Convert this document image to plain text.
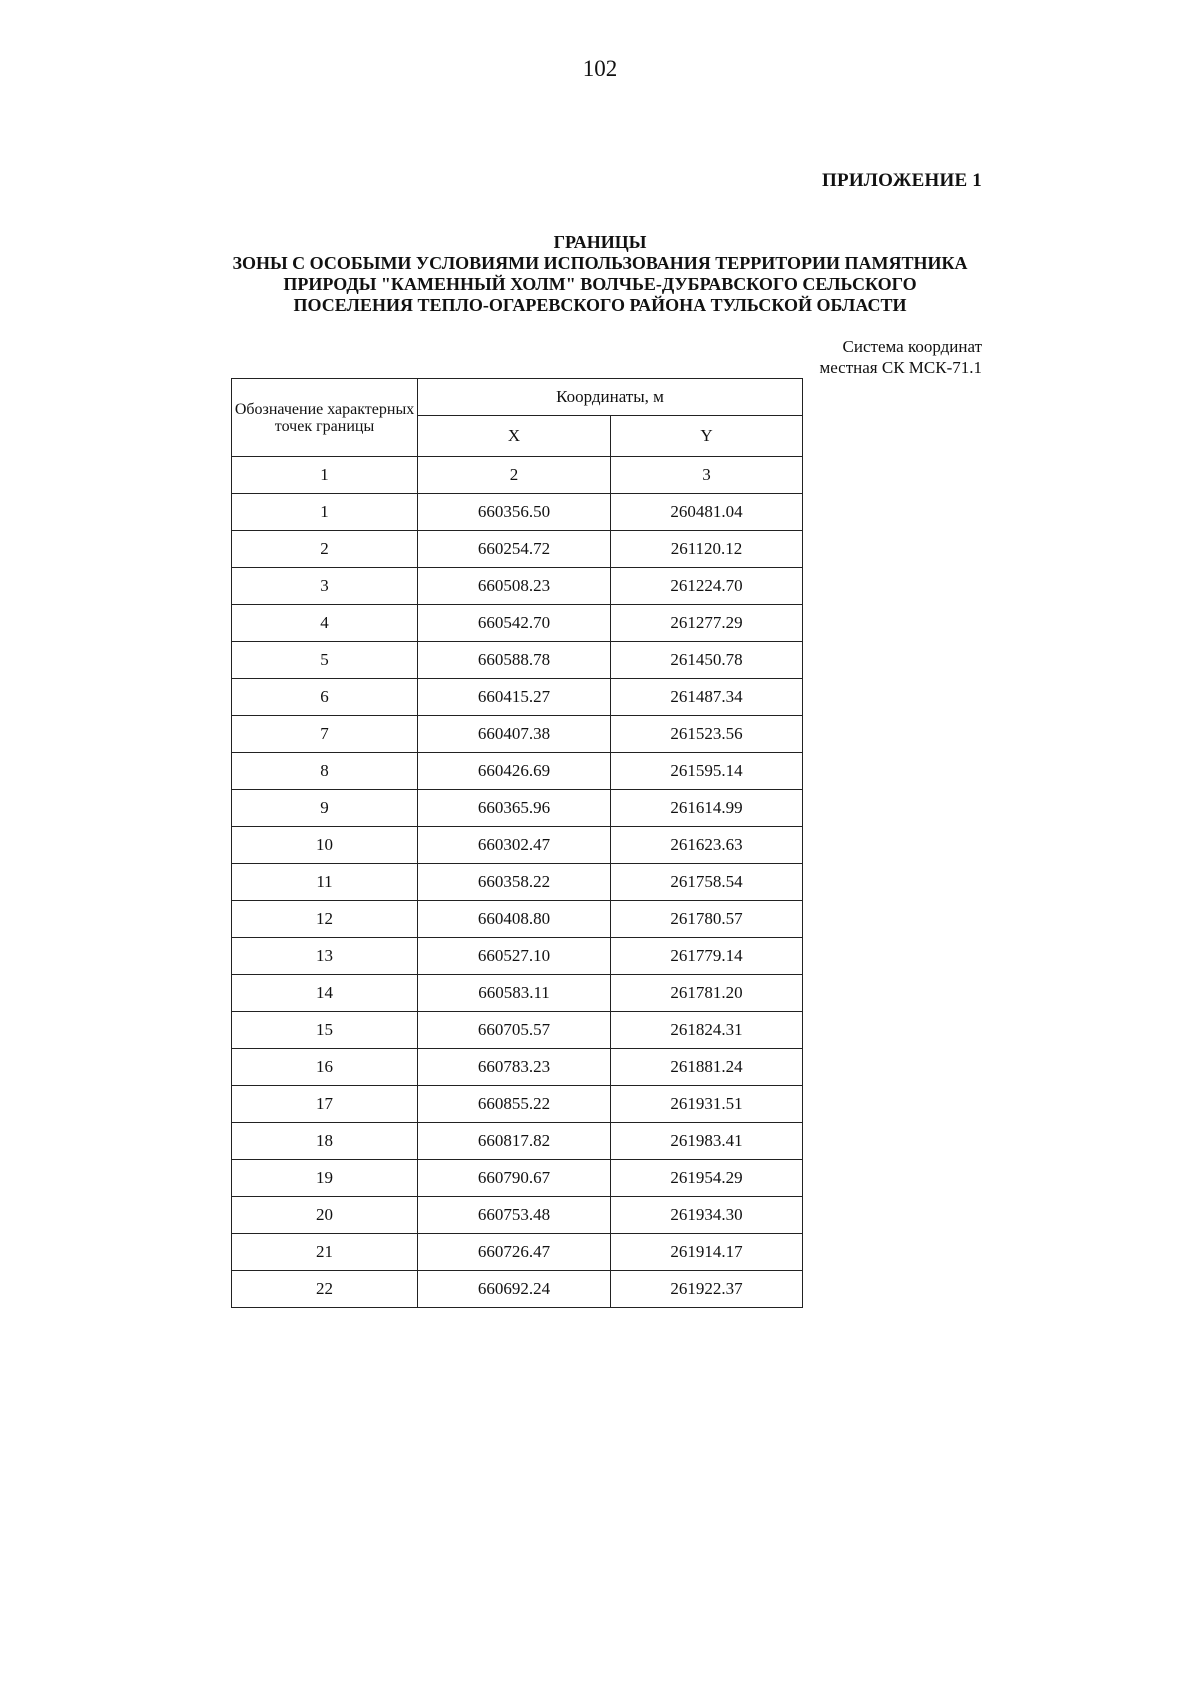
102
ПРИЛОЖЕНИЕ 1
ГРАНИЦЫ
ЗОНЫ С ОСОБЫМИ УСЛОВИЯМИ ИСПОЛЬЗОВАНИЯ ТЕРРИТОРИИ ПАМЯТНИКА
ПРИРОДЫ "КАМЕННЫЙ ХОЛМ" ВОЛЧЬЕ-ДУБРАВСКОГО СЕЛЬСКОГО
ПОСЕЛЕНИЯ ТЕПЛО-ОГАРЕВСКОГО РАЙОНА ТУЛЬСКОЙ ОБЛАСТИ
Система координат
местная СК МСК-71.1
Обозначение характерных точек границы	Координаты, м	
	X	Y
1	2	3
1	660356.50	260481.04
2	660254.72	261120.12
3	660508.23	261224.70
4	660542.70	261277.29
5	660588.78	261450.78
6	660415.27	261487.34
7	660407.38	261523.56
8	660426.69	261595.14
9	660365.96	261614.99
10	660302.47	261623.63
11	660358.22	261758.54
12	660408.80	261780.57
13	660527.10	261779.14
14	660583.11	261781.20
15	660705.57	261824.31
16	660783.23	261881.24
17	660855.22	261931.51
18	660817.82	261983.41
19	660790.67	261954.29
20	660753.48	261934.30
21	660726.47	261914.17
22	660692.24	261922.37
